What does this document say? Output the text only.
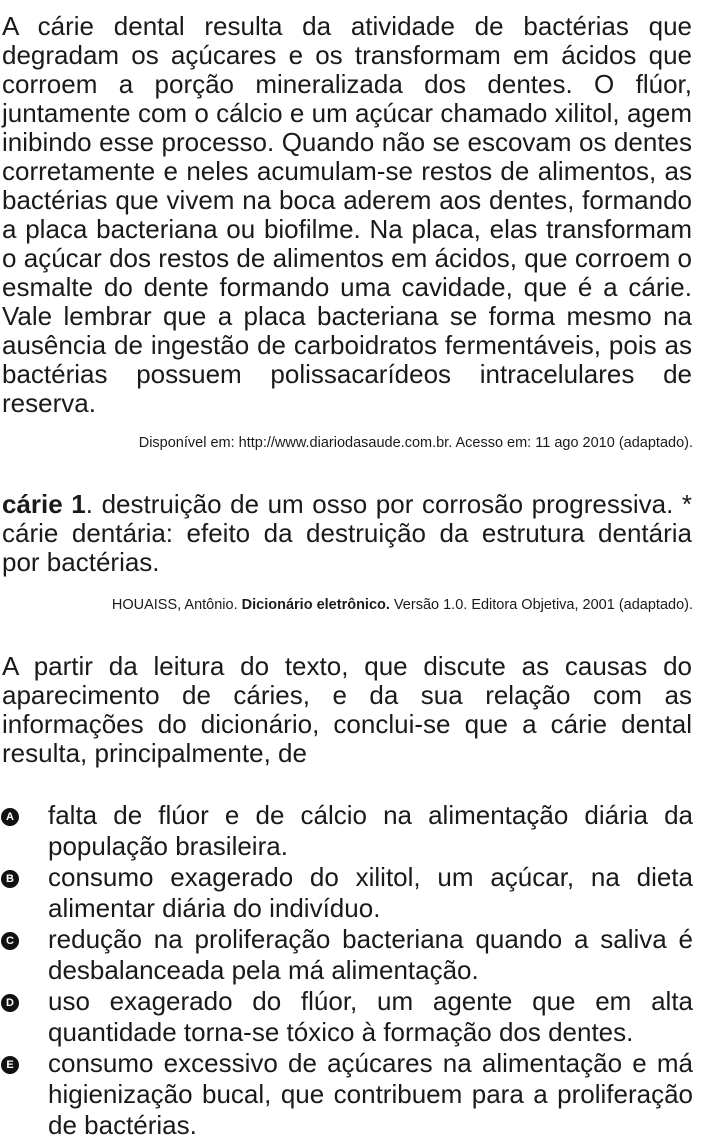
A cárie dental resulta da atividade de bactérias que degradam os açúcares e os transformam em ácidos que corroem a porção mineralizada dos dentes. O flúor, juntamente com o cálcio e um açúcar chamado xilitol, agem inibindo esse processo. Quando não se escovam os dentes corretamente e neles acumulam-se restos de alimentos, as bactérias que vivem na boca aderem aos dentes, formando a placa bacteriana ou biofilme. Na placa, elas transformam o açúcar dos restos de alimentos em ácidos, que corroem o esmalte do dente formando uma cavidade, que é a cárie. Vale lembrar que a placa bacteriana se forma mesmo na ausência de ingestão de carboidratos fermentáveis, pois as bactérias possuem polissacarídeos intracelulares de reserva.

Disponível em: http://www.diariodasaude.com.br. Acesso em: 11 ago 2010 (adaptado).

cárie 1. destruição de um osso por corrosão progressiva. * cárie dentária: efeito da destruição da estrutura dentária por bactérias.

HOUAISS, Antônio. Dicionário eletrônico. Versão 1.0. Editora Objetiva, 2001 (adaptado).

A partir da leitura do texto, que discute as causas do aparecimento de cáries, e da sua relação com as informações do dicionário, conclui-se que a cárie dental resulta, principalmente, de

A falta de flúor e de cálcio na alimentação diária da população brasileira.
B consumo exagerado do xilitol, um açúcar, na dieta alimentar diária do indivíduo.
C redução na proliferação bacteriana quando a saliva é desbalanceada pela má alimentação.
D uso exagerado do flúor, um agente que em alta quantidade torna-se tóxico à formação dos dentes.
E consumo excessivo de açúcares na alimentação e má higienização bucal, que contribuem para a proliferação de bactérias.
